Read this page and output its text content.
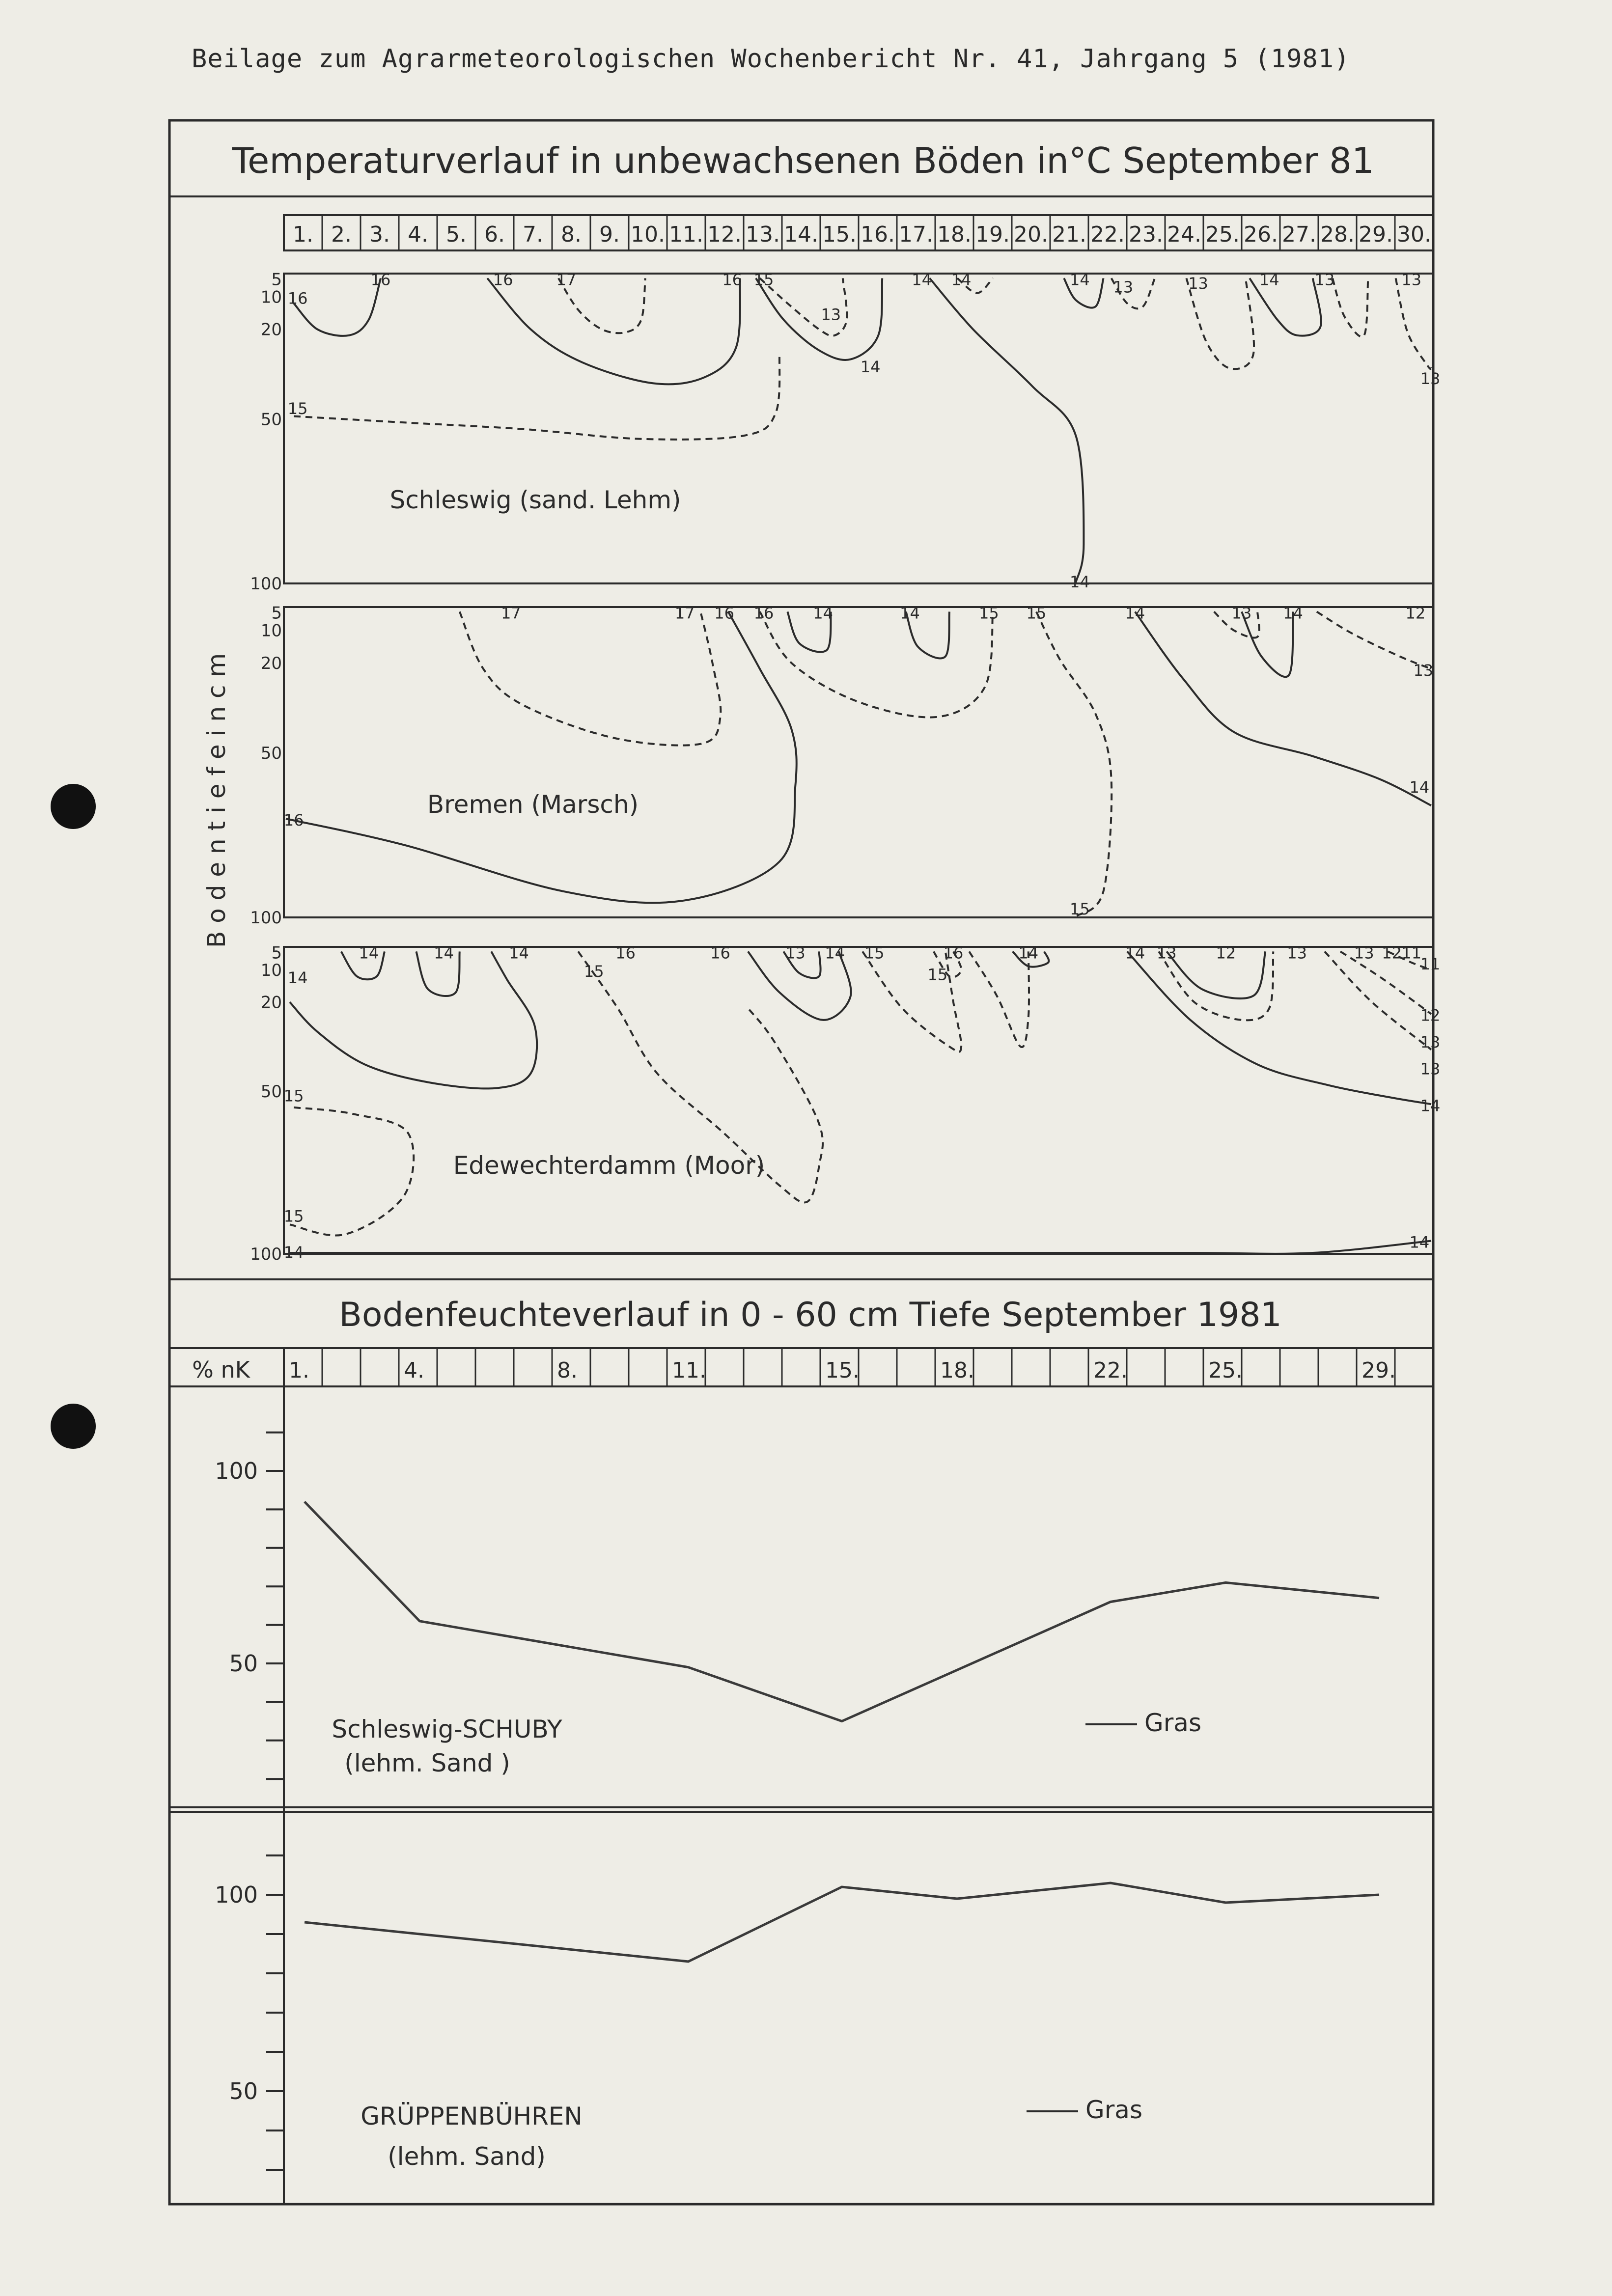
Beilage zum Agrarmeteorologischen Wochenbericht Nr. 41, Jahrgang 5 (1981)
Temperaturverlauf in unbewachsenen Böden in°C September 81
Bodenfeuchteverlauf in 0 - 60 cm Tiefe September 1981
B o d e n t i e f e i n c m
1. 2. 3. 4. 5. 6. 7. 8. 9. 10. 11. 12. 13. 14. 15. 16. 17. 18. 19. 20. 21. 22. 23. 24. 25. 26. 27. 28. 29. 30.
5
10
20
50
100
16
16	16	17	16 15
13
14
14 14	14 13	13	14 13	13
13
15
14
Schleswig (sand. Lehm)
5
10
20
50
100
17	17 16 16 14	14	15 15	14	13 14	12
13
14
16
15
Bremen (Marsch)
5
10
20
50
100
14
14	14	14
15
16	16	13 14 15	16
15
14	14 13 12	13	13 12 11
11
12
13
13
14
15
15
14
14
Edewechterdamm (Moor)
% nK 1.	4.	8.	11.	15.	18.	22.	25.	29.
100
50
Gras
Schleswig-SCHUBY
(lehm. Sand )
100
50
Gras
GRÜPPENBÜHREN
(lehm. Sand)
